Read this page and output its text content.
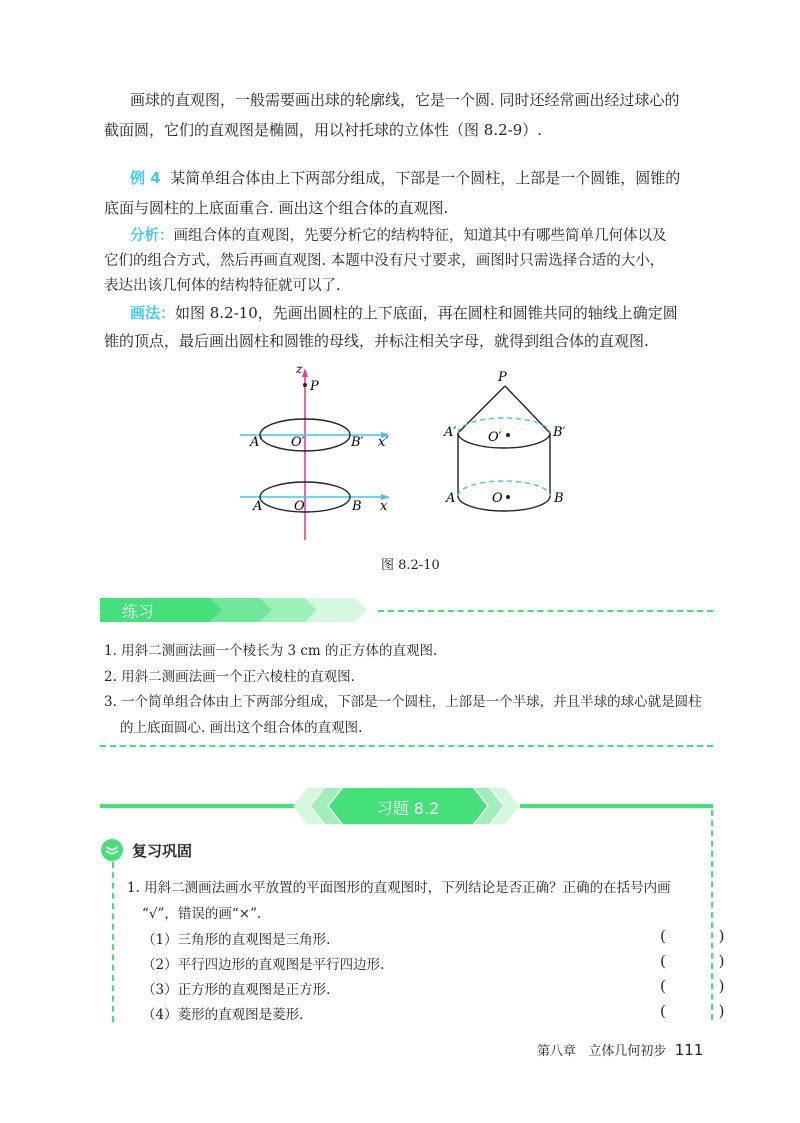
画球的直观图，一般需要画出球的轮廓线，它是一个圆. 同时还经常画出经过球心的
截面圆，它们的直观图是椭圆，用以衬托球的立体性（图 8.2-9）.
例 4 某简单组合体由上下两部分组成，下部是一个圆柱，上部是一个圆锥，圆锥的
底面与圆柱的上底面重合. 画出这个组合体的直观图.
分析：画组合体的直观图，先要分析它的结构特征，知道其中有哪些简单几何体以及
它们的组合方式，然后再画直观图. 本题中没有尺寸要求，画图时只需选择合适的大小，
表达出该几何体的结构特征就可以了.
画法：如图 8.2-10，先画出圆柱的上下底面，再在圆柱和圆锥共同的轴线上确定圆
锥的顶点，最后画出圆柱和圆锥的母线，并标注相关字母，就得到组合体的直观图.
z
P
A′ O′	B′ x′
A O	B x
P
A′ O′	B′
A	O	B
图 8.2-10
练习
1. 用斜二测画法画一个棱长为 3 cm 的正方体的直观图.
2. 用斜二测画法画一个正六棱柱的直观图.
3. 一个简单组合体由上下两部分组成，下部是一个圆柱，上部是一个半球，并且半球的球心就是圆柱
的上底面圆心. 画出这个组合体的直观图.
习题 8.2
复习巩固
1. 用斜二测画法画水平放置的平面图形的直观图时，下列结论是否正确？正确的在括号内画
“√”，错误的画“×”.
（1）三角形的直观图是三角形.	( )
（2）平行四边形的直观图是平行四边形.	( )
（3）正方形的直观图是正方形.	( )
（4）菱形的直观图是菱形.	( )
第八章 立体几何初步 111
